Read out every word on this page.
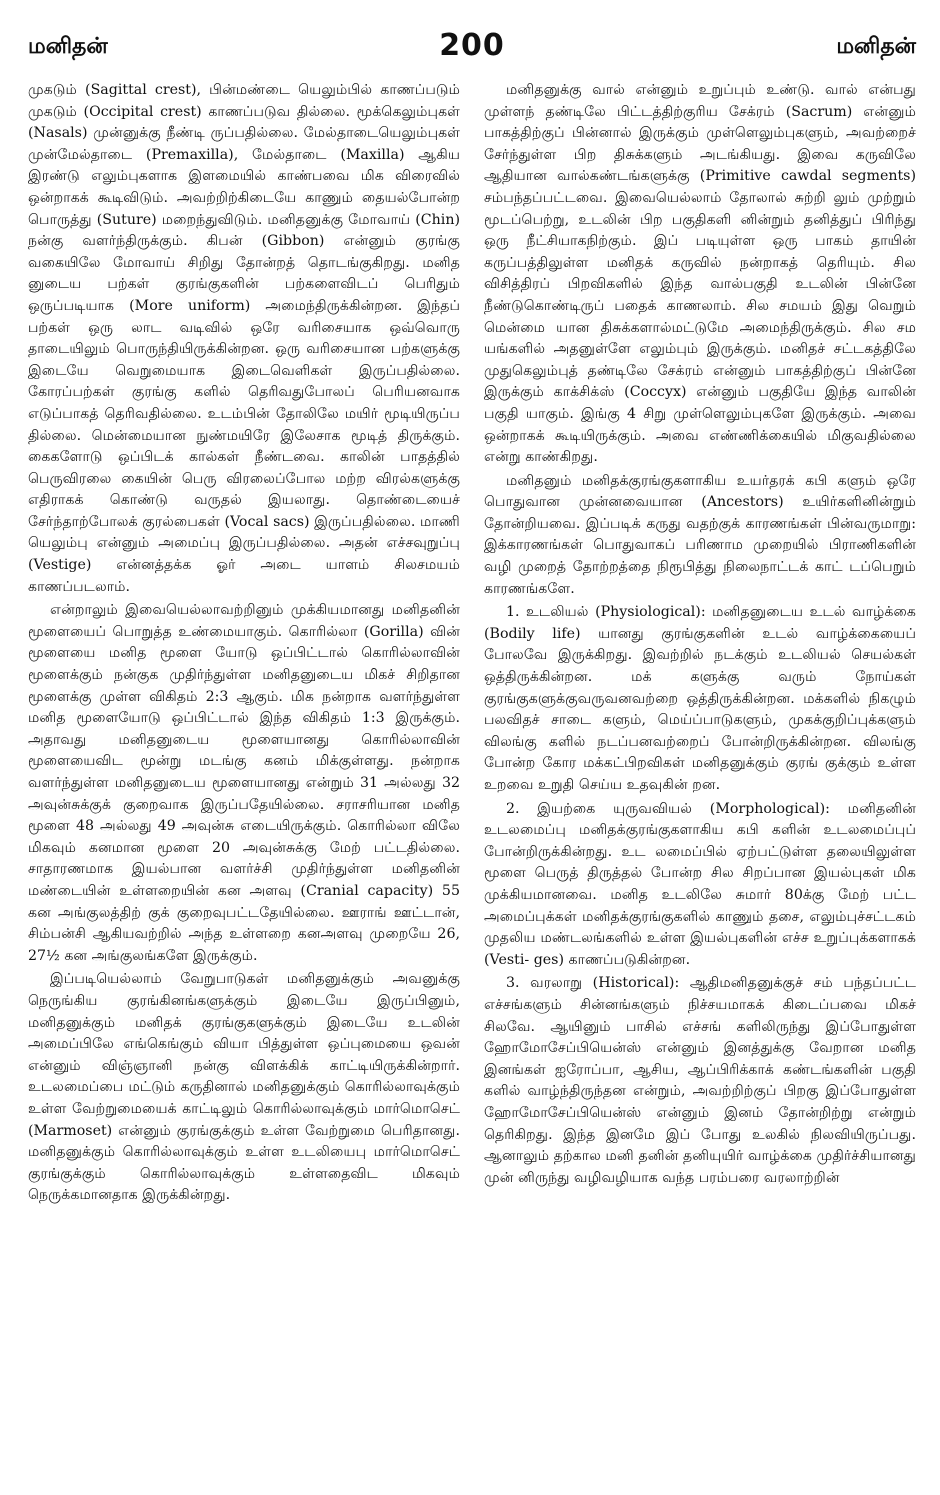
மனிதன்	200	மனிதன்

முகடும் (Sagittal crest), பின்மண்டை யெலும்பில் காணப்படும் முகடும் (Occipital crest) காணப்படுவ தில்லை. மூக்கெலும்புகள் (Nasals) முன்னுக்கு நீண்டி ருப்பதில்லை. மேல்தாடையெலும்புகள் முன்மேல்தாடை (Premaxilla), மேல்தாடை (Maxilla) ஆகிய இரண்டு எலும்புகளாக இளமையில் காண்பவை மிக விரைவில் ஒன்றாகக் கூடிவிடும். அவற்றிற்கிடையே காணும் தையல்போன்ற பொருத்து (Suture) மறைந்துவிடும். மனிதனுக்கு மோவாய் (Chin) நன்கு வளர்ந்திருக்கும். கிபன் (Gibbon) என்னும் குரங்கு வகையிலே மோவாய் சிறிது தோன்றத் தொடங்குகிறது. மனித னுடைய பற்கள் குரங்குகளின் பற்களைவிடப் பெரிதும் ஒருப்படியாக (More uniform) அமைந்திருக்கின்றன. இந்தப் பற்கள் ஒரு லாட வடிவில் ஒரே வரிசையாக ஒவ்வொரு தாடையிலும் பொருந்தியிருக்கின்றன. ஒரு வரிசையான பற்களுக்கு இடையே வெறுமையாக இடைவெளிகள் இருப்பதில்லை. கோரப்பற்கள் குரங்கு களில் தெரிவதுபோலப் பெரியனவாக எடுப்பாகத் தெரிவதில்லை. உடம்பின் தோலிலே மயிர் மூடியிருப்ப தில்லை. மென்மையான நுண்மயிரே இலேசாக மூடித் திருக்கும். கைகளோடு ஒப்பிடக் கால்கள் நீண்டவை. காலின் பாதத்தில் பெருவிரலை கையின் பெரு விரலைப்போல மற்ற விரல்களுக்கு எதிராகக் கொண்டு வருதல் இயலாது. தொண்டையைச் சேர்ந்தாற்போலக் குரல்பைகள் (Vocal sacs) இருப்பதில்லை. மாணி யெலும்பு என்னும் அமைப்பு இருப்பதில்லை. அதன் எச்சவுறுப்பு (Vestige) என்னத்தக்க ஓர் அடை யாளம் சிலசமயம் காணப்படலாம்.

என்றாலும் இவையெல்லாவற்றினும் முக்கியமானது மனிதனின் மூளையைப் பொறுத்த உண்மையாகும். கொரில்லா (Gorilla) வின் மூளையை மனித மூளை யோடு ஒப்பிட்டால் கொரில்லாவின் மூளைக்கும் நன்குக முதிர்ந்துள்ள மனிதனுடைய மிகச் சிறிதான மூளைக்கு முள்ள விகிதம் 2:3 ஆகும். மிக நன்றாக வளர்ந்துள்ள மனித மூளையோடு ஒப்பிட்டால் இந்த விகிதம் 1:3 இருக்கும். அதாவது மனிதனுடைய மூளையானது கொரில்லாவின் மூளையைவிட மூன்று மடங்கு கனம் மிக்குள்ளது. நன்றாக வளர்ந்துள்ள மனிதனுடைய மூளையானது என்றும் 31 அல்லது 32 அவுன்சுக்குக் குறைவாக இருப்பதேயில்லை. சராசரியான மனித மூளை 48 அல்லது 49 அவுன்சு எடையிருக்கும். கொரில்லா விலே மிகவும் கனமான மூளை 20 அவுன்சுக்கு மேற் பட்டதில்லை. சாதாரணமாக இயல்பான வளர்ச்சி முதிர்ந்துள்ள மனிதனின் மண்டையின் உள்ளறையின் கன அளவு (Cranial capacity) 55 கன அங்குலத்திற் குக் குறைவுபட்டதேயில்லை. ஊராங் ஊட்டான், சிம்பன்சி ஆகியவற்றில் அந்த உள்ளறை கனஅளவு முறையே 26, 27½ கன அங்குலங்களே இருக்கும்.

இப்படியெல்லாம் வேறுபாடுகள் மனிதனுக்கும் அவனுக்கு நெருங்கிய குரங்கினங்களுக்கும் இடையே இருப்பினும், மனிதனுக்கும் மனிதக் குரங்குகளுக்கும் இடையே உடலின் அமைப்பிலே எங்கெங்கும் வியா பித்துள்ள ஒப்புமையை ஒவன் என்னும் விஞ்ஞானி நன்கு விளக்கிக் காட்டியிருக்கின்றார். உடலமைப்பை மட்டும் கருதினால் மனிதனுக்கும் கொரில்லாவுக்கும் உள்ள வேற்றுமையைக் காட்டிலும் கொரில்லாவுக்கும் மார்மொசெட் (Marmoset) என்னும் குரங்குக்கும் உள்ள வேற்றுமை பெரிதானது. மனிதனுக்கும் கொரில்லாவுக்கும் உள்ள உடலியைபு மார்மொசெட் குரங்குக்கும் கொரில்லாவுக்கும் உள்ளதைவிட மிகவும் நெருக்கமானதாக இருக்கின்றது.

மனிதனுக்கு வால் என்னும் உறுப்பும் உண்டு. வால் என்பது முள்ளந் தண்டிலே பிட்டத்திற்குரிய சேக்ரம் (Sacrum) என்னும் பாகத்திற்குப் பின்னால் இருக்கும் முள்ளெலும்புகளும், அவற்றைச் சேர்ந்துள்ள பிற திசுக்களும் அடங்கியது. இவை கருவிலே ஆதியான வால்கண்டங்களுக்கு (Primitive cawdal segments) சம்பந்தப்பட்டவை. இவையெல்லாம் தோலால் சுற்றி லும் முற்றும் மூடப்பெற்று, உடலின் பிற பகுதிகளி னின்றும் தனித்துப் பிரிந்து ஒரு நீட்சியாகநிற்கும். இப் படியுள்ள ஒரு பாகம் தாயின் கருப்பத்திலுள்ள மனிதக் கருவில் நன்றாகத் தெரியும். சில விசித்திரப் பிறவிகளில் இந்த வால்பகுதி உடலின் பின்னே நீண்டுகொண்டிருப் பதைக் காணலாம். சில சமயம் இது வெறும் மென்மை யான திசுக்களால்மட்டுமே அமைந்திருக்கும். சில சம யங்களில் அதனுள்ளே எலும்பும் இருக்கும். மனிதச் சட்டகத்திலே முதுகெலும்புத் தண்டிலே சேக்ரம் என்னும் பாகத்திற்குப் பின்னே இருக்கும் காக்சிக்ஸ் (Coccyx) என்னும் பகுதியே இந்த வாலின் பகுதி யாகும். இங்கு 4 சிறு முள்ளெலும்புகளே இருக்கும். அவை ஒன்றாகக் கூடியிருக்கும். அவை எண்ணிக்கையில் மிகுவதில்லை என்று காண்கிறது.

மனிதனும் மனிதக்குரங்குகளாகிய உயர்தரக் கபி களும் ஒரே பொதுவான முன்னவையான (Ancestors) உயிர்களினின்றும் தோன்றியவை. இப்படிக் கருது வதற்குக் காரணங்கள் பின்வருமாறு: இக்காரணங்கள் பொதுவாகப் பரிணாம முறையில் பிராணிகளின் வழி முறைத் தோற்றத்தை நிரூபித்து நிலைநாட்டக் காட் டப்பெறும் காரணங்களே.

1. உடலியல் (Physiological): மனிதனுடைய உடல் வாழ்க்கை (Bodily life) யானது குரங்குகளின் உடல் வாழ்க்கையைப் போலவே இருக்கிறது. இவற்றில் நடக்கும் உடலியல் செயல்கள் ஒத்திருக்கின்றன. மக் களுக்கு வரும் நோய்கள் குரங்குகளுக்குவருவனவற்றை ஒத்திருக்கின்றன. மக்களில் நிகழும் பலவிதச் சாடை களும், மெய்ப்பாடுகளும், முகக்குறிப்புக்களும் விலங்கு களில் நடப்பனவற்றைப் போன்றிருக்கின்றன. விலங்கு போன்ற கோர மக்கட்பிறவிகள் மனிதனுக்கும் குரங் குக்கும் உள்ள உறவை உறுதி செய்ய உதவுகின் றன.

2. இயற்கை யுருவவியல் (Morphological): மனிதனின் உடலமைப்பு மனிதக்குரங்குகளாகிய கபி களின் உடலமைப்புப் போன்றிருக்கின்றது. உட லமைப்பில் ஏற்பட்டுள்ள தலையிலுள்ள மூளை பெருத் திருத்தல் போன்ற சில சிறப்பான இயல்புகள் மிக முக்கியமானவை. மனித உடலிலே சுமார் 80க்கு மேற் பட்ட அமைப்புக்கள் மனிதக்குரங்குகளில் காணும் தசை, எலும்புச்சட்டகம் முதலிய மண்டலங்களில் உள்ள இயல்புகளின் எச்ச உறுப்புக்களாகக் (Vesti- ges) காணப்படுகின்றன.

3. வரலாறு (Historical): ஆதிமனிதனுக்குச் சம் பந்தப்பட்ட எச்சங்களும் சின்னங்களும் நிச்சயமாகக் கிடைப்பவை மிகச் சிலவே. ஆயினும் பாசில் எச்சங் களிலிருந்து இப்போதுள்ள ஹோமோசேப்பியென்ஸ் என்னும் இனத்துக்கு வேறான மனித இனங்கள் ஐரோப்பா, ஆசிய, ஆப்பிரிக்காக் கண்டங்களின் பகுதி களில் வாழ்ந்திருந்தன என்றும், அவற்றிற்குப் பிறகு இப்போதுள்ள ஹோமோசேப்பியென்ஸ் என்னும் இனம் தோன்றிற்று என்றும் தெரிகிறது. இந்த இனமே இப் போது உலகில் நிலவியிருப்பது. ஆனாலும் தற்கால மனி தனின் தனியுயிர் வாழ்க்கை முதிர்ச்சியானது முன் னிருந்து வழிவழியாக வந்த பரம்பரை வரலாற்றின்
